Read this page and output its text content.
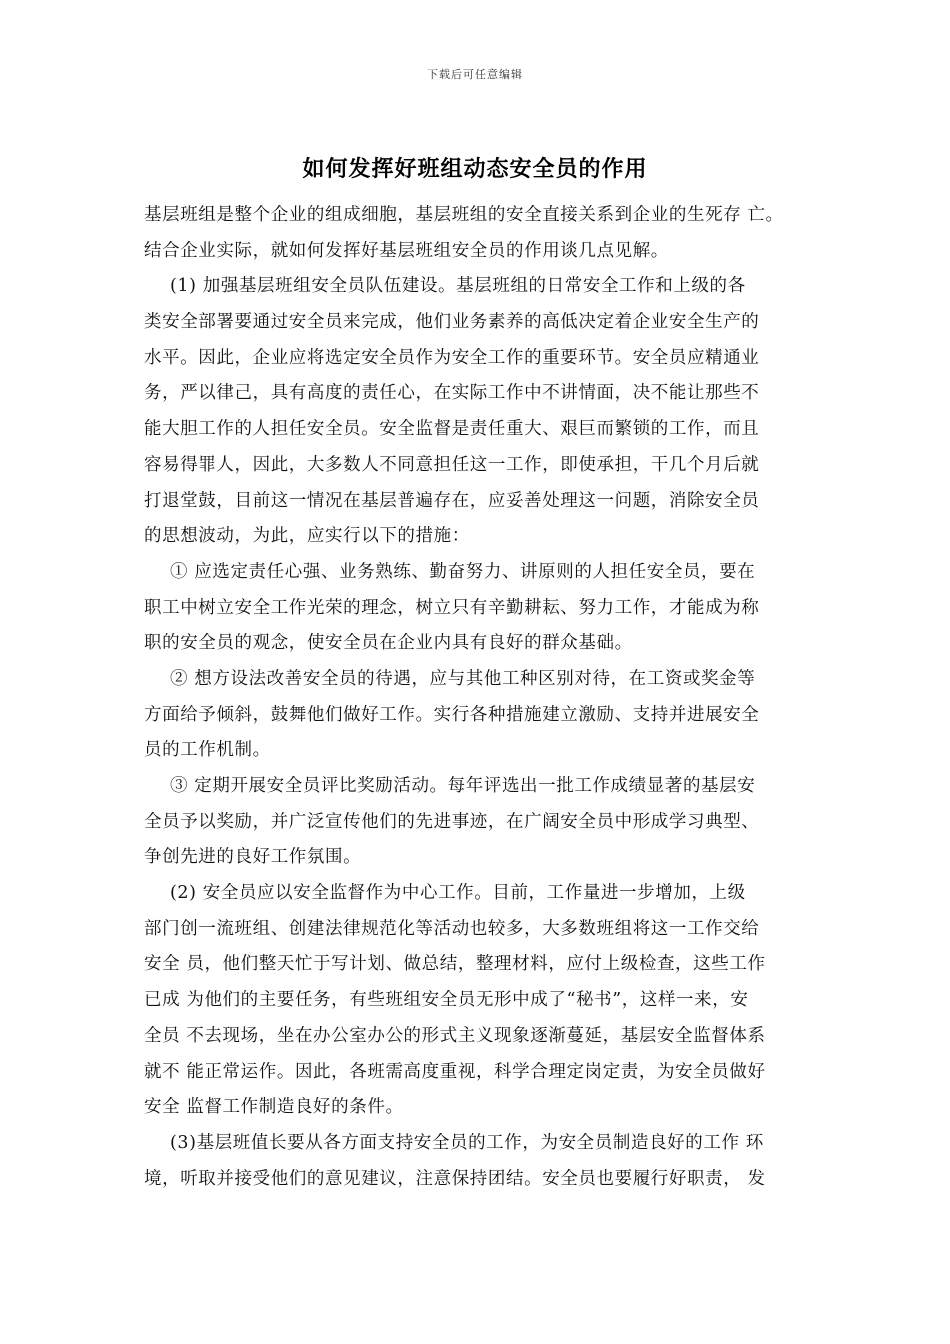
下载后可任意编辑
如何发挥好班组动态安全员的作用
基层班组是整个企业的组成细胞，基层班组的安全直接关系到企业的生死存 亡。
结合企业实际，就如何发挥好基层班组安全员的作用谈几点见解。
(1) 加强基层班组安全员队伍建设。基层班组的日常安全工作和上级的各
类安全部署要通过安全员来完成，他们业务素养的高低决定着企业安全生产的
水平。因此，企业应将选定安全员作为安全工作的重要环节。安全员应精通业
务，严以律己，具有高度的责任心，在实际工作中不讲情面，决不能让那些不
能大胆工作的人担任安全员。安全监督是责任重大、艰巨而繁锁的工作，而且
容易得罪人，因此，大多数人不同意担任这一工作，即使承担，干几个月后就
打退堂鼓，目前这一情况在基层普遍存在，应妥善处理这一问题，消除安全员
的思想波动，为此，应实行以下的措施：
① 应选定责任心强、业务熟练、勤奋努力、讲原则的人担任安全员，要在
职工中树立安全工作光荣的理念，树立只有辛勤耕耘、努力工作，才能成为称
职的安全员的观念，使安全员在企业内具有良好的群众基础。
② 想方设法改善安全员的待遇，应与其他工种区别对待，在工资或奖金等
方面给予倾斜，鼓舞他们做好工作。实行各种措施建立激励、支持并进展安全
员的工作机制。
③ 定期开展安全员评比奖励活动。每年评选出一批工作成绩显著的基层安
全员予以奖励，并广泛宣传他们的先进事迹，在广阔安全员中形成学习典型、
争创先进的良好工作氛围。
(2) 安全员应以安全监督作为中心工作。目前，工作量进一步增加，上级
部门创一流班组、创建法律规范化等活动也较多，大多数班组将这一工作交给
安全 员，他们整天忙于写计划、做总结，整理材料，应付上级检查，这些工作
已成 为他们的主要任务，有些班组安全员无形中成了“秘书”，这样一来，安
全员 不去现场，坐在办公室办公的形式主义现象逐渐蔓延，基层安全监督体系
就不 能正常运作。因此，各班需高度重视，科学合理定岗定责，为安全员做好
安全 监督工作制造良好的条件。
(3)基层班值长要从各方面支持安全员的工作，为安全员制造良好的工作 环
境，听取并接受他们的意见建议，注意保持团结。安全员也要履行好职责， 发
